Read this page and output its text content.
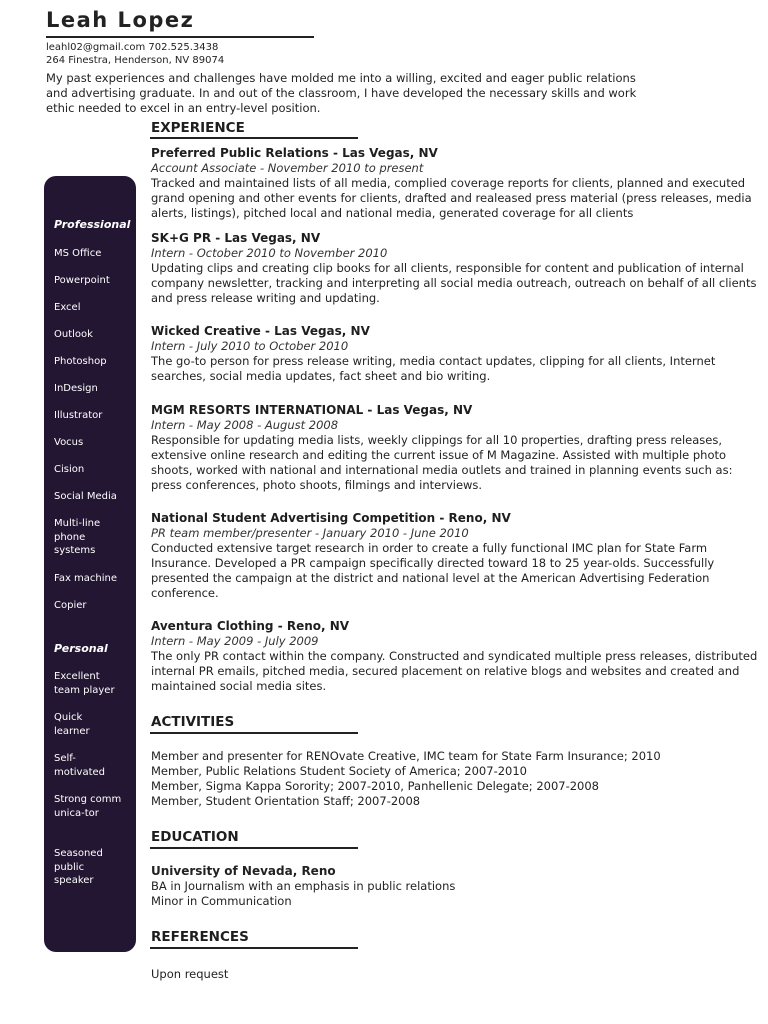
Leah Lopez
leahl02@gmail.com 702.525.3438
264 Finestra, Henderson, NV 89074
My past experiences and challenges have molded me into a willing, excited and eager public relations and advertising graduate. In and out of the classroom, I have developed the necessary skills and work ethic needed to excel in an entry-level position.
Professional
MS Office
Powerpoint
Excel
Outlook
Photoshop
InDesign
Illustrator
Vocus
Cision
Social Media
Multi-line phone systems
Fax machine
Copier
Personal
Excellent team player
Quick learner
Self-motivated
Strong communica-tor
Seasoned public speaker
EXPERIENCE
Preferred Public Relations - Las Vegas, NV
Account Associate - November 2010 to present
Tracked and maintained lists of all media, complied coverage reports for clients, planned and executed grand opening and other events for clients, drafted and realeased press material (press releases, media alerts, listings), pitched local and national media, generated coverage for all clients
SK+G PR - Las Vegas, NV
Intern - October 2010 to November 2010
Updating clips and creating clip books for all clients, responsible for content and publication of internal company newsletter, tracking and interpreting all social media outreach, outreach on behalf of all clients and press release writing and updating.
Wicked Creative - Las Vegas, NV
Intern - July 2010 to October 2010
The go-to person for press release writing, media contact updates, clipping for all clients, Internet searches, social media updates, fact sheet and bio writing.
MGM RESORTS INTERNATIONAL - Las Vegas, NV
Intern - May 2008 - August 2008
Responsible for updating media lists, weekly clippings for all 10 properties, drafting press releases, extensive online research and editing the current issue of M Magazine. Assisted with multiple photo shoots, worked with national and international media outlets and trained in planning events such as: press conferences, photo shoots, filmings and interviews.
National Student Advertising Competition - Reno, NV
PR team member/presenter - January 2010 - June 2010
Conducted extensive target research in order to create a fully functional IMC plan for State Farm Insurance. Developed a PR campaign specifically directed toward 18 to 25 year-olds. Successfully presented the campaign at the district and national level at the American Advertising Federation conference.
Aventura Clothing - Reno, NV
Intern - May 2009 - July 2009
The only PR contact within the company. Constructed and syndicated multiple press releases, distributed internal PR emails, pitched media, secured placement on relative blogs and websites and created and maintained social media sites.
ACTIVITIES
Member and presenter for RENOvate Creative, IMC team for State Farm Insurance; 2010
Member, Public Relations Student Society of America; 2007-2010
Member, Sigma Kappa Sorority; 2007-2010, Panhellenic Delegate; 2007-2008
Member, Student Orientation Staff; 2007-2008
EDUCATION
University of Nevada, Reno
BA in Journalism with an emphasis in public relations
Minor in Communication
REFERENCES
Upon request
